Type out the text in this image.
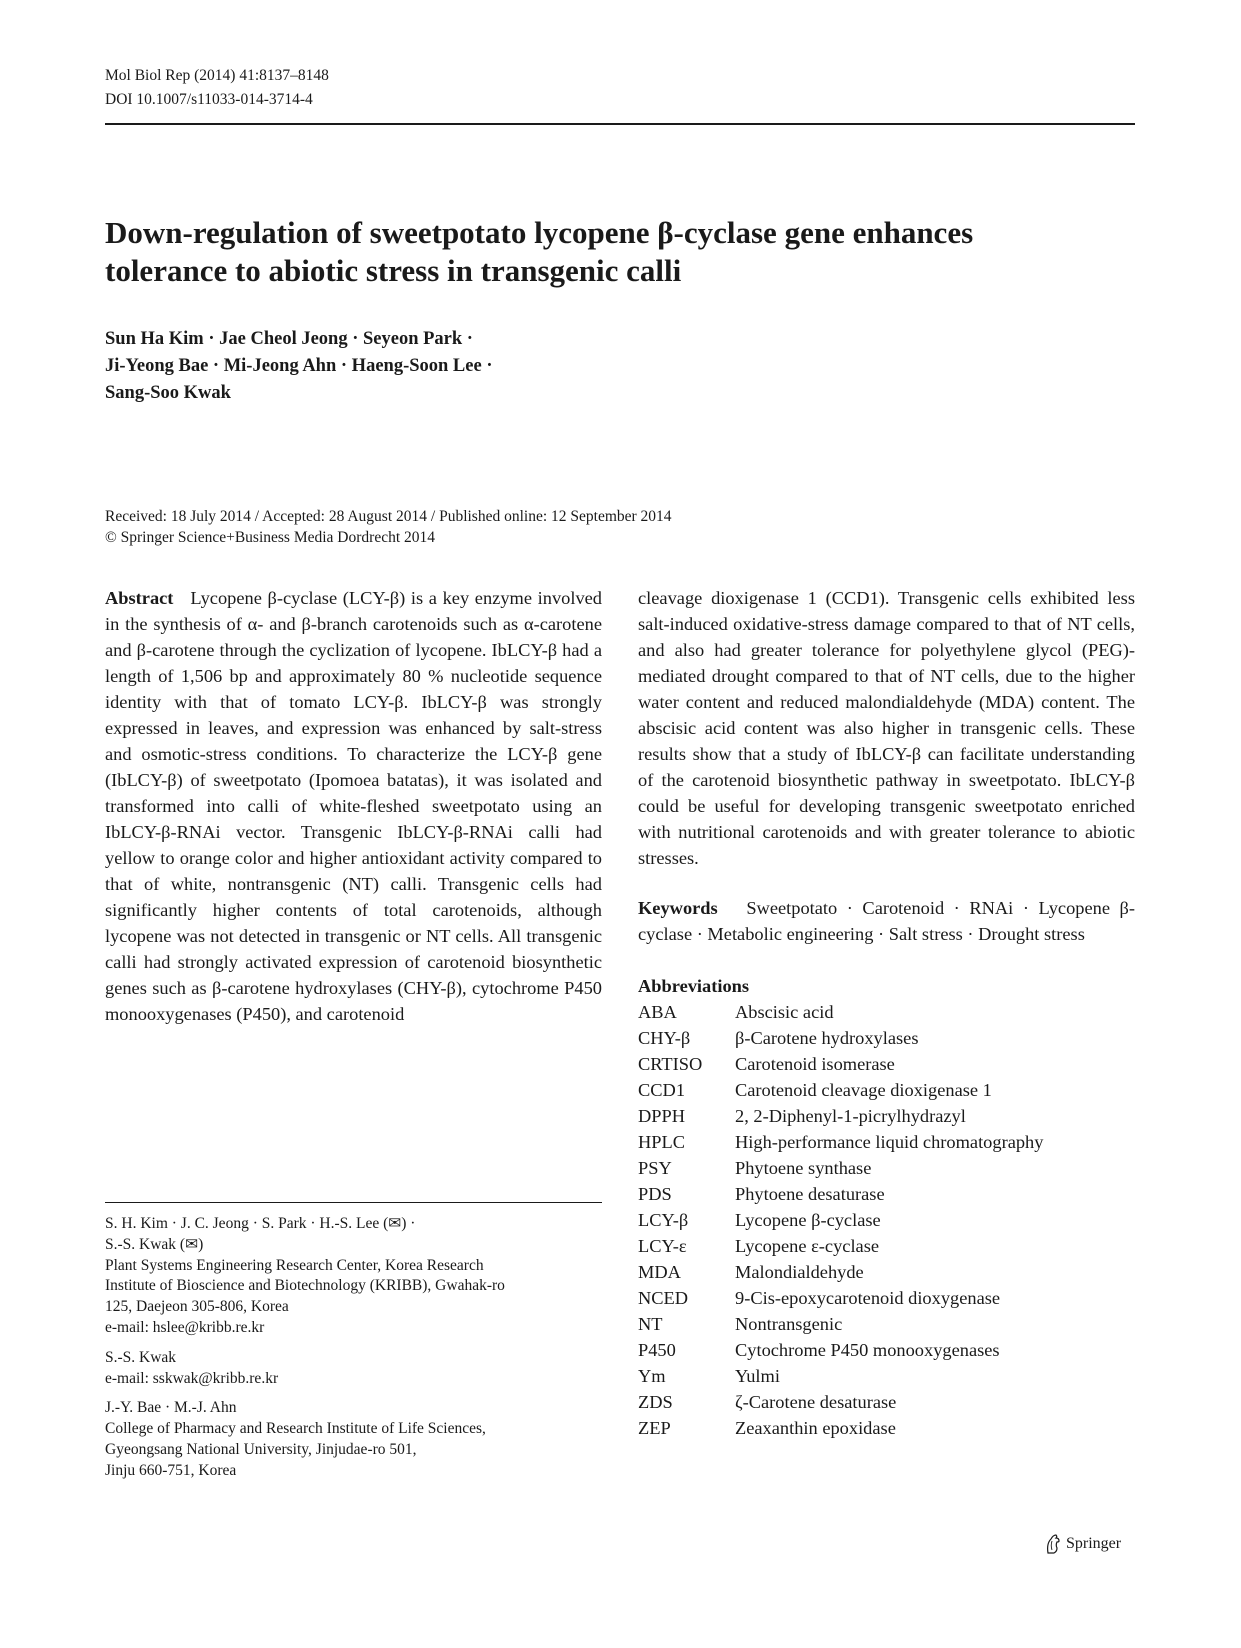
Mol Biol Rep (2014) 41:8137–8148
DOI 10.1007/s11033-014-3714-4
Down-regulation of sweetpotato lycopene β-cyclase gene enhances
tolerance to abiotic stress in transgenic calli
Sun Ha Kim · Jae Cheol Jeong · Seyeon Park ·
Ji-Yeong Bae · Mi-Jeong Ahn · Haeng-Soon Lee ·
Sang-Soo Kwak
Received: 18 July 2014 / Accepted: 28 August 2014 / Published online: 12 September 2014
© Springer Science+Business Media Dordrecht 2014

Abstract Lycopene β-cyclase (LCY-β) is a key enzyme involved in the synthesis of α- and β-branch carotenoids such as α-carotene and β-carotene through the cyclization of lycopene. IbLCY-β had a length of 1,506 bp and approximately 80 % nucleotide sequence identity with that of tomato LCY-β. IbLCY-β was strongly expressed in leaves, and expression was enhanced by salt-stress and osmotic-stress conditions. To characterize the LCY-β gene (IbLCY-β) of sweetpotato (Ipomoea batatas), it was isolated and transformed into calli of white-fleshed sweetpotato using an IbLCY-β-RNAi vector. Transgenic IbLCY-β-RNAi calli had yellow to orange color and higher antioxidant activity compared to that of white, nontransgenic (NT) calli. Transgenic cells had significantly higher contents of total carotenoids, although lycopene was not detected in transgenic or NT cells. All transgenic calli had strongly activated expression of carotenoid biosynthetic genes such as β-carotene hydroxylases (CHY-β), cytochrome P450 monooxygenases (P450), and carotenoid

cleavage dioxigenase 1 (CCD1). Transgenic cells exhibited less salt-induced oxidative-stress damage compared to that of NT cells, and also had greater tolerance for polyethylene glycol (PEG)-mediated drought compared to that of NT cells, due to the higher water content and reduced malondialdehyde (MDA) content. The abscisic acid content was also higher in transgenic cells. These results show that a study of IbLCY-β can facilitate understanding of the carotenoid biosynthetic pathway in sweetpotato. IbLCY-β could be useful for developing transgenic sweetpotato enriched with nutritional carotenoids and with greater tolerance to abiotic stresses.

Keywords Sweetpotato · Carotenoid · RNAi · Lycopene β-cyclase · Metabolic engineering · Salt stress · Drought stress

Abbreviations
ABA	Abscisic acid
CHY-β	β-Carotene hydroxylases
CRTISO	Carotenoid isomerase
CCD1	Carotenoid cleavage dioxigenase 1
DPPH	2, 2-Diphenyl-1-picrylhydrazyl
HPLC	High-performance liquid chromatography
PSY	Phytoene synthase
PDS	Phytoene desaturase
LCY-β	Lycopene β-cyclase
LCY-ε	Lycopene ε-cyclase
MDA	Malondialdehyde
NCED	9-Cis-epoxycarotenoid dioxygenase
NT	Nontransgenic
P450	Cytochrome P450 monooxygenases
Ym	Yulmi
ZDS	ζ-Carotene desaturase
ZEP	Zeaxanthin epoxidase
S. H. Kim · J. C. Jeong · S. Park · H.-S. Lee (✉) ·
S.-S. Kwak (✉)
Plant Systems Engineering Research Center, Korea Research
Institute of Bioscience and Biotechnology (KRIBB), Gwahak-ro
125, Daejeon 305-806, Korea
e-mail: hslee@kribb.re.kr
S.-S. Kwak
e-mail: sskwak@kribb.re.kr
J.-Y. Bae · M.-J. Ahn
College of Pharmacy and Research Institute of Life Sciences,
Gyeongsang National University, Jinjudae-ro 501,
Jinju 660-751, Korea
Springer
